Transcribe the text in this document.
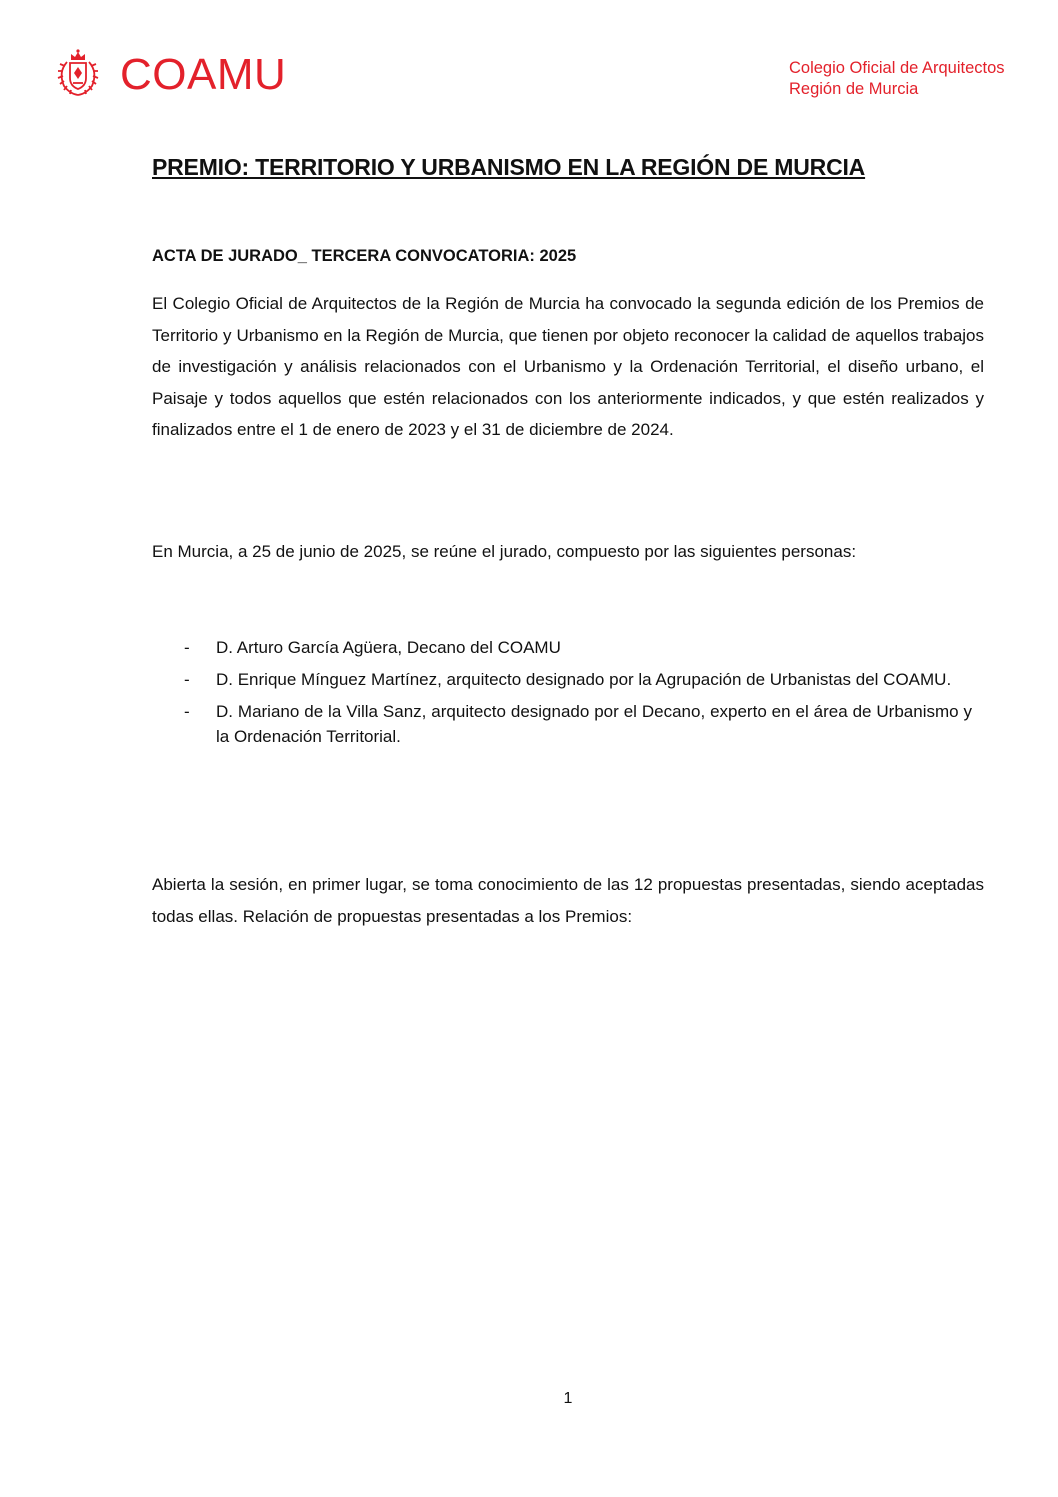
COAMU	Colegio Oficial de Arquitectos
Región de Murcia
PREMIO: TERRITORIO Y URBANISMO EN LA REGIÓN DE MURCIA
ACTA DE JURADO_ TERCERA CONVOCATORIA: 2025
El Colegio Oficial de Arquitectos de la Región de Murcia ha convocado la segunda edición de los Premios de Territorio y Urbanismo en la Región de Murcia, que tienen por objeto reconocer la calidad de aquellos trabajos de investigación y análisis relacionados con el Urbanismo y la Ordenación Territorial, el diseño urbano, el Paisaje y todos aquellos que estén relacionados con los anteriormente indicados, y que estén realizados y finalizados entre el 1 de enero de 2023 y el 31 de diciembre de 2024.
En Murcia, a 25 de junio de 2025, se reúne el jurado, compuesto por las siguientes personas:
- D. Arturo García Agüera, Decano del COAMU
- D. Enrique Mínguez Martínez, arquitecto designado por la Agrupación de Urbanistas del COAMU.
- D. Mariano de la Villa Sanz, arquitecto designado por el Decano, experto en el área de Urbanismo y la Ordenación Territorial.
Abierta la sesión, en primer lugar, se toma conocimiento de las 12 propuestas presentadas, siendo aceptadas todas ellas. Relación de propuestas presentadas a los Premios:
1
